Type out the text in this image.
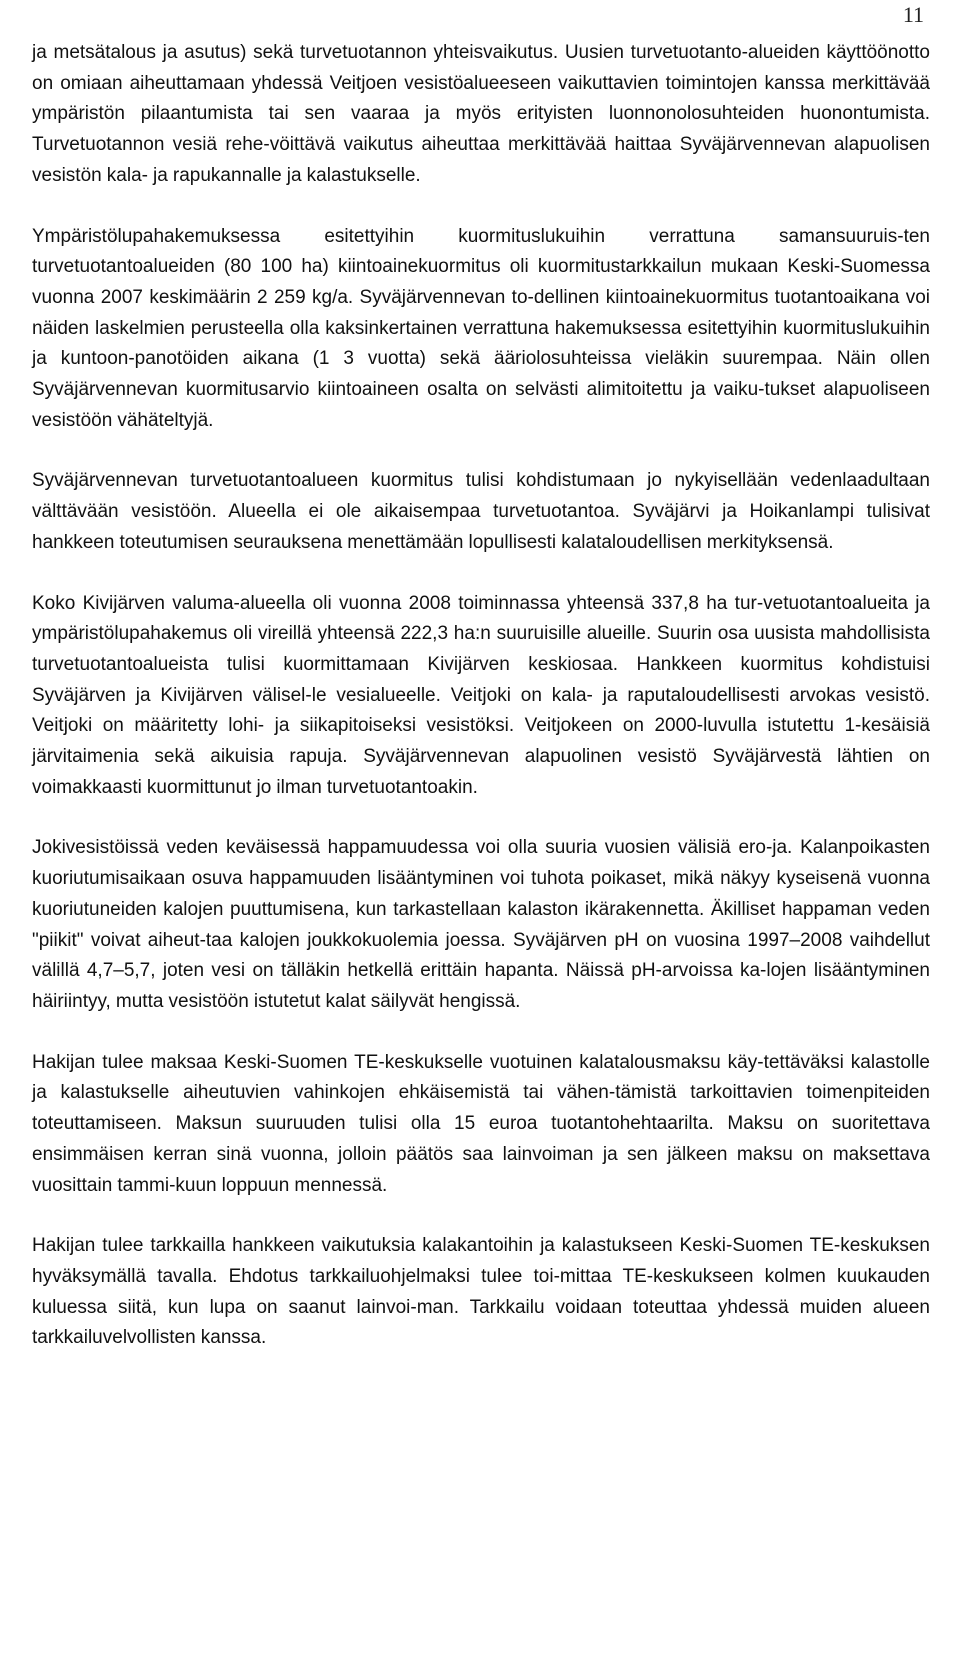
11

ja metsätalous ja asutus) sekä turvetuotannon yhteisvaikutus. Uusien turvetuotanto-alueiden käyttöönotto on omiaan aiheuttamaan yhdessä Veitjoen vesistöalueeseen vaikuttavien toimintojen kanssa merkittävää ympäristön pilaantumista tai sen vaaraa ja myös erityisten luonnonolosuhteiden huonontumista. Turvetuotannon vesiä rehe-vöittävä vaikutus aiheuttaa merkittävää haittaa Syväjärvennevan alapuolisen vesistön kala- ja rapukannalle ja kalastukselle.

Ympäristölupahakemuksessa esitettyihin kuormituslukuihin verrattuna samansuuruis-ten turvetuotantoalueiden (80 100 ha) kiintoainekuormitus oli kuormitustarkkailun mukaan Keski-Suomessa vuonna 2007 keskimäärin 2 259 kg/a. Syväjärvennevan to-dellinen kiintoainekuormitus tuotantoaikana voi näiden laskelmien perusteella olla kaksinkertainen verrattuna hakemuksessa esitettyihin kuormituslukuihin ja kuntoon-panotöiden aikana (1 3 vuotta) sekä ääriolosuhteissa vieläkin suurempaa. Näin ollen Syväjärvennevan kuormitusarvio kiintoaineen osalta on selvästi alimitoitettu ja vaiku-tukset alapuoliseen vesistöön vähäteltyjä.

Syväjärvennevan turvetuotantoalueen kuormitus tulisi kohdistumaan jo nykyisellään vedenlaadultaan välttävään vesistöön. Alueella ei ole aikaisempaa turvetuotantoa. Syväjärvi ja Hoikanlampi tulisivat hankkeen toteutumisen seurauksena menettämään lopullisesti kalataloudellisen merkityksensä.

Koko Kivijärven valuma-alueella oli vuonna 2008 toiminnassa yhteensä 337,8 ha tur-vetuotantoalueita ja ympäristölupahakemus oli vireillä yhteensä 222,3 ha:n suuruisille alueille. Suurin osa uusista mahdollisista turvetuotantoalueista tulisi kuormittamaan Kivijärven keskiosaa. Hankkeen kuormitus kohdistuisi Syväjärven ja Kivijärven välisel-le vesialueelle. Veitjoki on kala- ja raputaloudellisesti arvokas vesistö. Veitjoki on määritetty lohi- ja siikapitoiseksi vesistöksi. Veitjokeen on 2000-luvulla istutettu 1-kesäisiä järvitaimenia sekä aikuisia rapuja. Syväjärvennevan alapuolinen vesistö Syväjärvestä lähtien on voimakkaasti kuormittunut jo ilman turvetuotantoakin.

Jokivesistöissä veden keväisessä happamuudessa voi olla suuria vuosien välisiä ero-ja. Kalanpoikasten kuoriutumisaikaan osuva happamuuden lisääntyminen voi tuhota poikaset, mikä näkyy kyseisenä vuonna kuoriutuneiden kalojen puuttumisena, kun tarkastellaan kalaston ikärakennetta. Äkilliset happaman veden "piikit" voivat aiheut-taa kalojen joukkokuolemia joessa. Syväjärven pH on vuosina 1997–2008 vaihdellut välillä 4,7–5,7, joten vesi on tälläkin hetkellä erittäin hapanta. Näissä pH-arvoissa ka-lojen lisääntyminen häiriintyy, mutta vesistöön istutetut kalat säilyvät hengissä.

Hakijan tulee maksaa Keski-Suomen TE-keskukselle vuotuinen kalatalousmaksu käy-tettäväksi kalastolle ja kalastukselle aiheutuvien vahinkojen ehkäisemistä tai vähen-tämistä tarkoittavien toimenpiteiden toteuttamiseen. Maksun suuruuden tulisi olla 15 euroa tuotantohehtaarilta. Maksu on suoritettava ensimmäisen kerran sinä vuonna, jolloin päätös saa lainvoiman ja sen jälkeen maksu on maksettava vuosittain tammi-kuun loppuun mennessä.

Hakijan tulee tarkkailla hankkeen vaikutuksia kalakantoihin ja kalastukseen Keski-Suomen TE-keskuksen hyväksymällä tavalla. Ehdotus tarkkailuohjelmaksi tulee toi-mittaa TE-keskukseen kolmen kuukauden kuluessa siitä, kun lupa on saanut lainvoi-man. Tarkkailu voidaan toteuttaa yhdessä muiden alueen tarkkailuvelvollisten kanssa.
